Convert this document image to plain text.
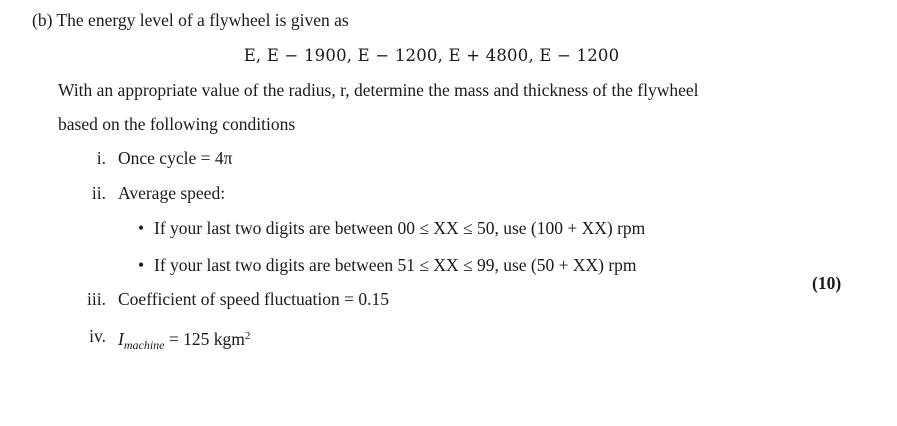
(b) The energy level of a flywheel is given as
E, E − 1900, E − 1200, E + 4800, E − 1200
With an appropriate value of the radius, r, determine the mass and thickness of the flywheel
based on the following conditions
i. Once cycle = 4π
ii. Average speed:
• If your last two digits are between 00 ≤ XX ≤ 50, use (100 + XX) rpm
• If your last two digits are between 51 ≤ XX ≤ 99, use (50 + XX) rpm
(10)
iii. Coefficient of speed fluctuation = 0.15
iv. $I_{machine} = 125$ kgm$^2$
